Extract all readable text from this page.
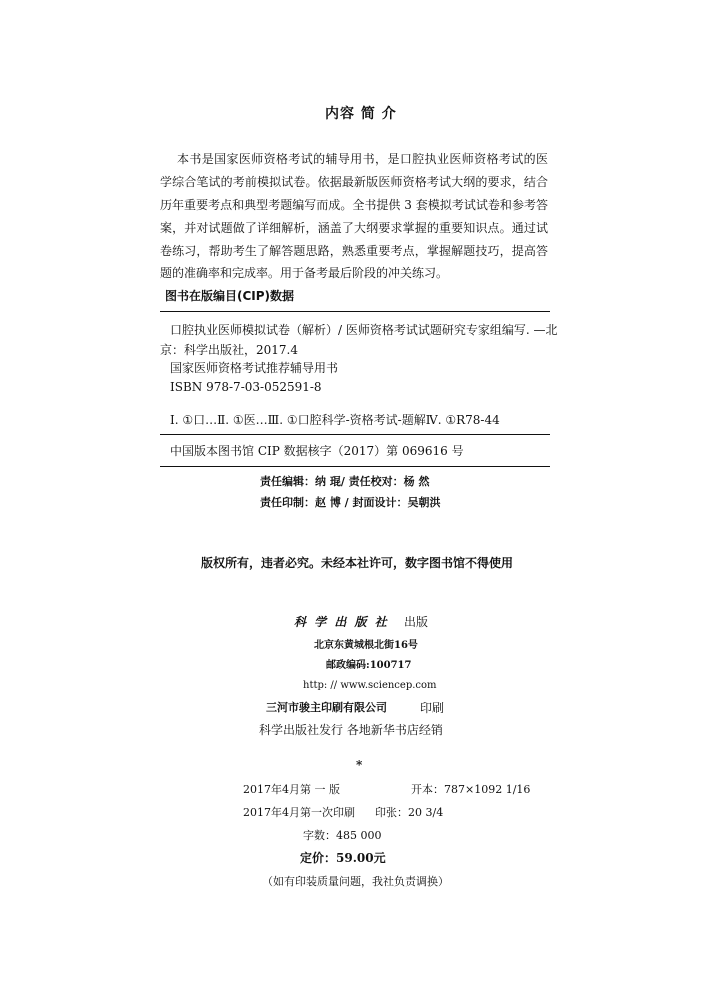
内容 简 介
本书是国家医师资格考试的辅导用书，是口腔执业医师资格考试的医
学综合笔试的考前模拟试卷。依据最新版医师资格考试大纲的要求，结合
历年重要考点和典型考题编写而成。全书提供 3 套模拟考试试卷和参考答
案，并对试题做了详细解析，涵盖了大纲要求掌握的重要知识点。通过试
卷练习，帮助考生了解答题思路，熟悉重要考点，掌握解题技巧，提高答
题的准确率和完成率。用于备考最后阶段的冲关练习。
图书在版编目(CIP)数据
口腔执业医师模拟试卷（解析）/ 医师资格考试试题研究专家组编写. —北
京：科学出版社，2017.4
国家医师资格考试推荐辅导用书
ISBN 978-7-03-052591-8
Ⅰ. ①口…Ⅱ. ①医…Ⅲ. ①口腔科学-资格考试-题解Ⅳ. ①R78-44
中国版本图书馆 CIP 数据核字（2017）第 069616 号
责任编辑：纳 琨/ 责任校对：杨 然
责任印制：赵 博 / 封面设计：吴朝洪
版权所有，违者必究。未经本社许可，数字图书馆不得使用
科 学 出 版 社 出版
北京东黄城根北街16号
邮政编码:100717
http: // www.sciencep.com
三河市骏主印刷有限公司	印刷
科学出版社发行 各地新华书店经销
*
2017年4月第 一 版	开本：787×1092 1/16
2017年4月第一次印刷 印张：20 3/4
字数：485 000
定价：59.00元
（如有印装质量问题，我社负责调换）
